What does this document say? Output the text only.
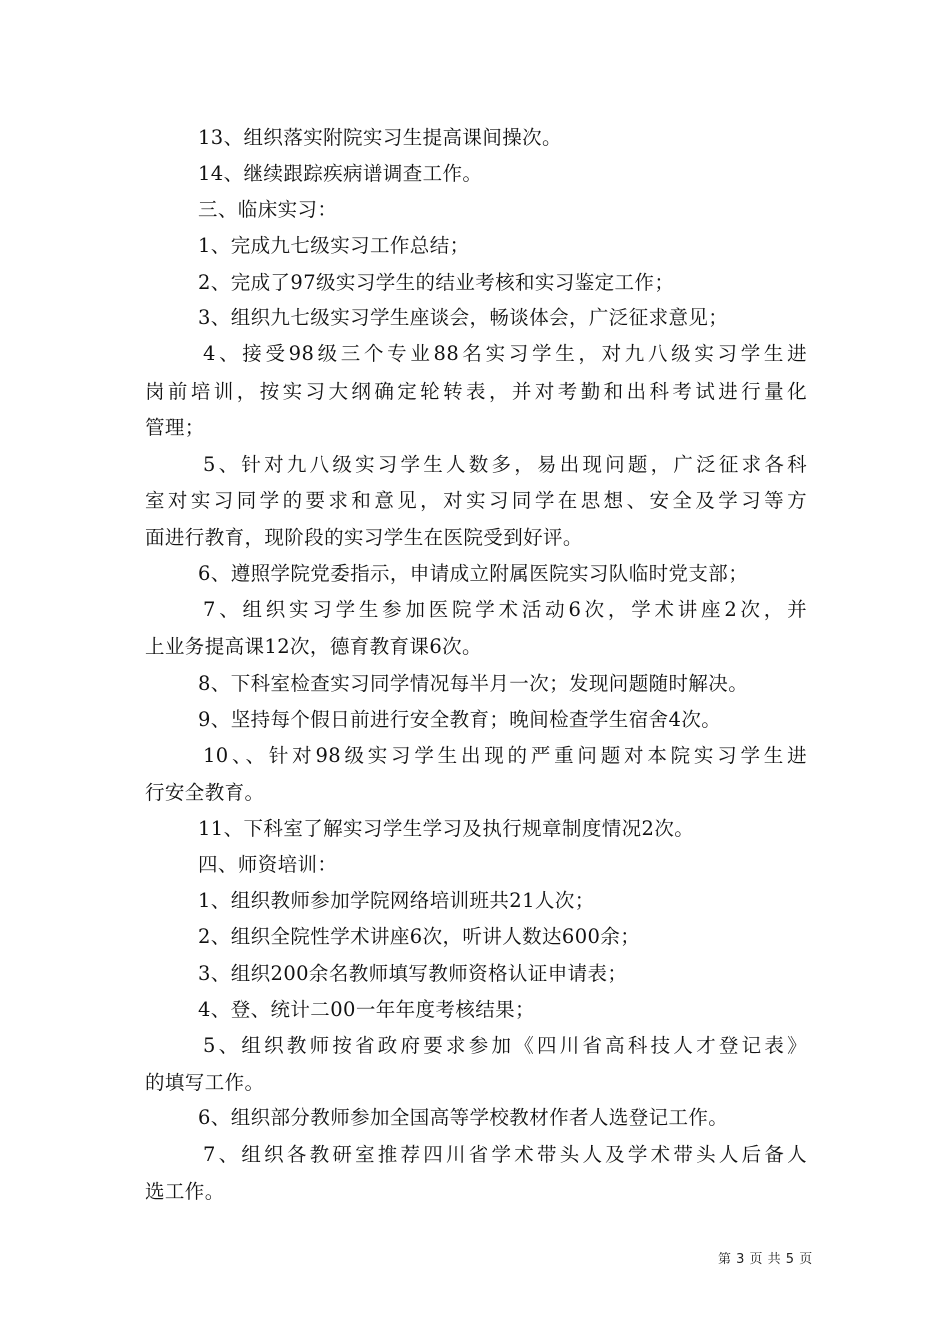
13、组织落实附院实习生提高课间操次。
14、继续跟踪疾病谱调查工作。
三、临床实习：
1、完成九七级实习工作总结；
2、完成了97级实习学生的结业考核和实习鉴定工作；
3、组织九七级实习学生座谈会，畅谈体会，广泛征求意见；
4、接受98级三个专业88名实习学生，对九八级实习学生进
岗前培训，按实习大纲确定轮转表，并对考勤和出科考试进行量化
管理；
5、针对九八级实习学生人数多，易出现问题，广泛征求各科
室对实习同学的要求和意见，对实习同学在思想、安全及学习等方
面进行教育，现阶段的实习学生在医院受到好评。
6、遵照学院党委指示，申请成立附属医院实习队临时党支部；
7、组织实习学生参加医院学术活动6次，学术讲座2次，并
上业务提高课12次，德育教育课6次。
8、下科室检查实习同学情况每半月一次；发现问题随时解决。
9、坚持每个假日前进行安全教育；晚间检查学生宿舍4次。
10、、针对98级实习学生出现的严重问题对本院实习学生进
行安全教育。
11、下科室了解实习学生学习及执行规章制度情况2次。
四、师资培训：
1、组织教师参加学院网络培训班共21人次；
2、组织全院性学术讲座6次，听讲人数达600余；
3、组织200余名教师填写教师资格认证申请表；
4、登、统计二00一年年度考核结果；
5、组织教师按省政府要求参加《四川省高科技人才登记表》
的填写工作。
6、组织部分教师参加全国高等学校教材作者人选登记工作。
7、组织各教研室推荐四川省学术带头人及学术带头人后备人
选工作。
第 3 页 共 5 页
